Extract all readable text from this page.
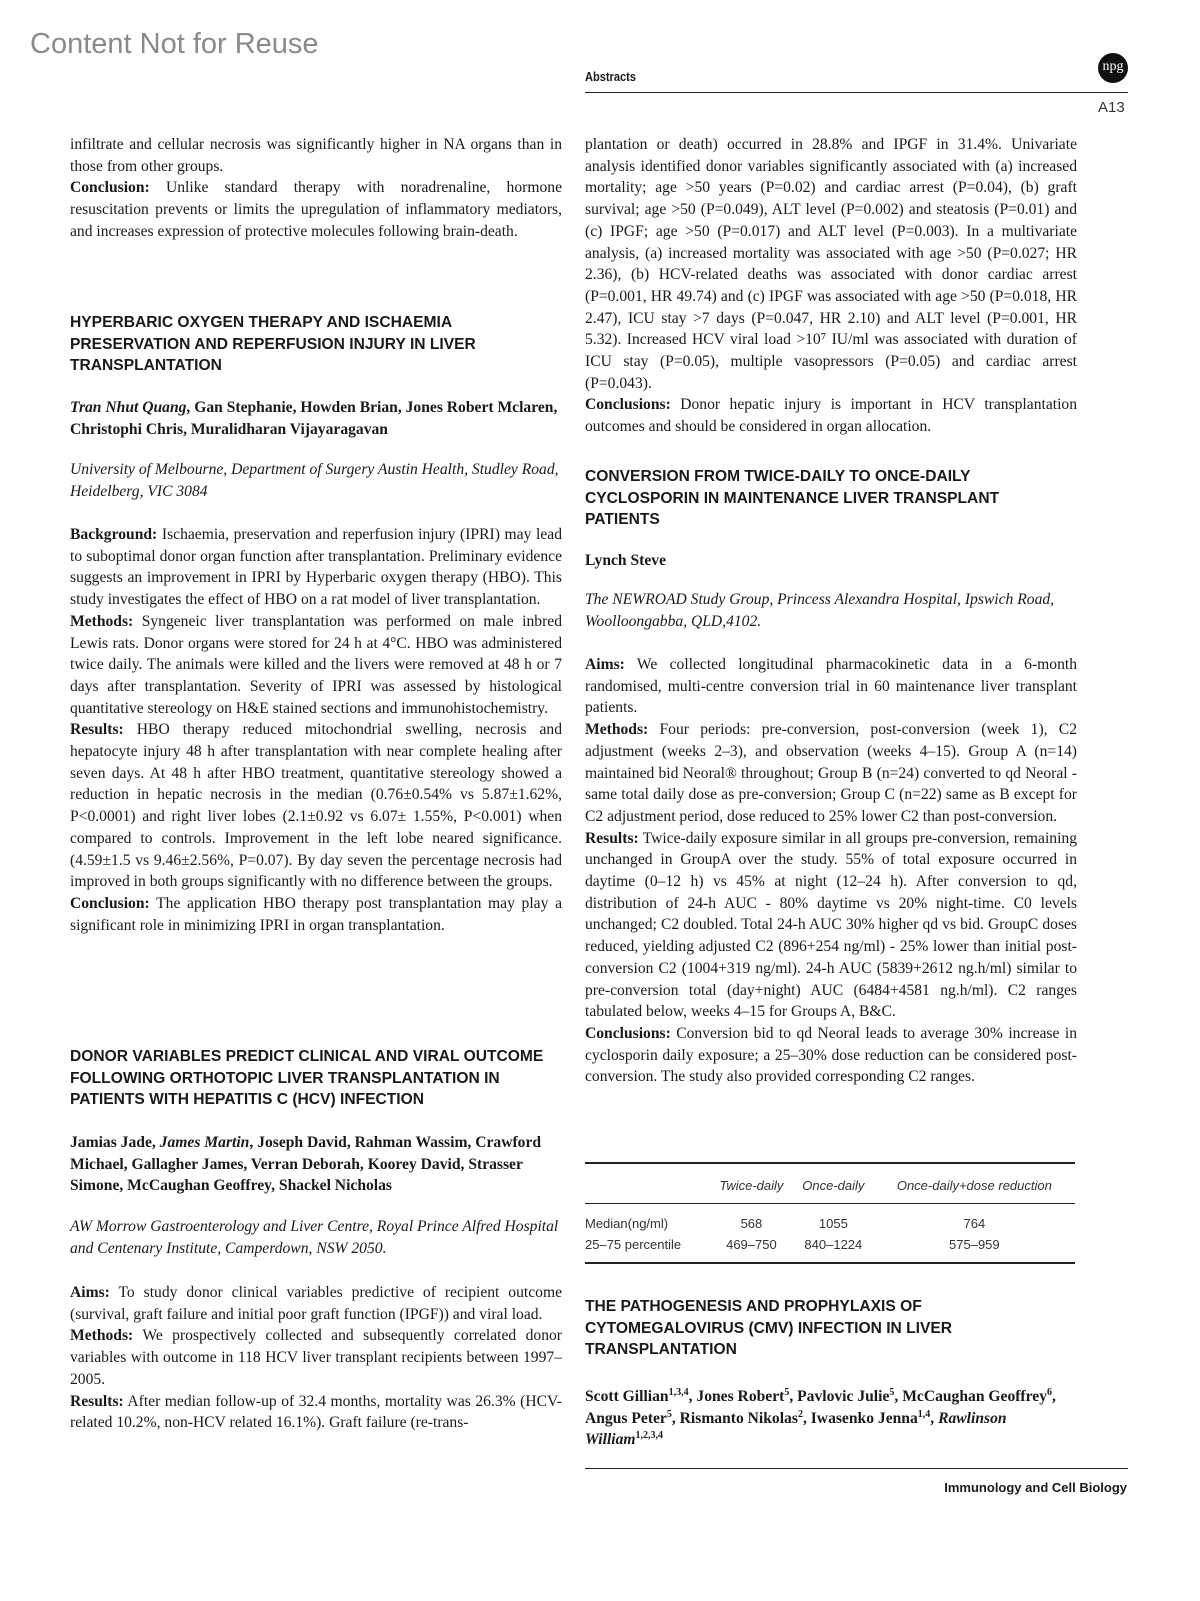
Content Not for Reuse
Abstracts
npg
A13

infiltrate and cellular necrosis was significantly higher in NA organs than in those from other groups.

Conclusion: Unlike standard therapy with noradrenaline, hormone resuscitation prevents or limits the upregulation of inflammatory mediators, and increases expression of protective molecules following brain-death.

HYPERBARIC OXYGEN THERAPY AND ISCHAEMIA PRESERVATION AND REPERFUSION INJURY IN LIVER TRANSPLANTATION
Tran Nhut Quang, Gan Stephanie, Howden Brian, Jones Robert Mclaren, Christophi Chris, Muralidharan Vijayaragavan
University of Melbourne, Department of Surgery Austin Health, Studley Road, Heidelberg, VIC 3084

Background: Ischaemia, preservation and reperfusion injury (IPRI) may lead to suboptimal donor organ function after transplantation. Preliminary evidence suggests an improvement in IPRI by Hyperbaric oxygen therapy (HBO). This study investigates the effect of HBO on a rat model of liver transplantation.

Methods: Syngeneic liver transplantation was performed on male inbred Lewis rats. Donor organs were stored for 24 h at 4°C. HBO was administered twice daily. The animals were killed and the livers were removed at 48 h or 7 days after transplantation. Severity of IPRI was assessed by histological quantitative stereology on H&E stained sections and immunohistochemistry.

Results: HBO therapy reduced mitochondrial swelling, necrosis and hepatocyte injury 48 h after transplantation with near complete healing after seven days. At 48 h after HBO treatment, quantitative stereology showed a reduction in hepatic necrosis in the median (0.76±0.54% vs 5.87±1.62%, P<0.0001) and right liver lobes (2.1±0.92 vs 6.07± 1.55%, P<0.001) when compared to controls. Improvement in the left lobe neared significance. (4.59±1.5 vs 9.46±2.56%, P=0.07). By day seven the percentage necrosis had improved in both groups significantly with no difference between the groups.

Conclusion: The application HBO therapy post transplantation may play a significant role in minimizing IPRI in organ transplantation.

DONOR VARIABLES PREDICT CLINICAL AND VIRAL OUTCOME FOLLOWING ORTHOTOPIC LIVER TRANSPLANTATION IN PATIENTS WITH HEPATITIS C (HCV) INFECTION
Jamias Jade, James Martin, Joseph David, Rahman Wassim, Crawford Michael, Gallagher James, Verran Deborah, Koorey David, Strasser Simone, McCaughan Geoffrey, Shackel Nicholas
AW Morrow Gastroenterology and Liver Centre, Royal Prince Alfred Hospital and Centenary Institute, Camperdown, NSW 2050.

Aims: To study donor clinical variables predictive of recipient outcome (survival, graft failure and initial poor graft function (IPGF)) and viral load.

Methods: We prospectively collected and subsequently correlated donor variables with outcome in 118 HCV liver transplant recipients between 1997–2005.

Results: After median follow-up of 32.4 months, mortality was 26.3% (HCV-related 10.2%, non-HCV related 16.1%). Graft failure (re-trans-

plantation or death) occurred in 28.8% and IPGF in 31.4%. Univariate analysis identified donor variables significantly associated with (a) increased mortality; age >50 years (P=0.02) and cardiac arrest (P=0.04), (b) graft survival; age >50 (P=0.049), ALT level (P=0.002) and steatosis (P=0.01) and (c) IPGF; age >50 (P=0.017) and ALT level (P=0.003). In a multivariate analysis, (a) increased mortality was associated with age >50 (P=0.027; HR 2.36), (b) HCV-related deaths was associated with donor cardiac arrest (P=0.001, HR 49.74) and (c) IPGF was associated with age >50 (P=0.018, HR 2.47), ICU stay >7 days (P=0.047, HR 2.10) and ALT level (P=0.001, HR 5.32). Increased HCV viral load >10⁷ IU/ml was associated with duration of ICU stay (P=0.05), multiple vasopressors (P=0.05) and cardiac arrest (P=0.043).

Conclusions: Donor hepatic injury is important in HCV transplantation outcomes and should be considered in organ allocation.

CONVERSION FROM TWICE-DAILY TO ONCE-DAILY CYCLOSPORIN IN MAINTENANCE LIVER TRANSPLANT PATIENTS
Lynch Steve
The NEWROAD Study Group, Princess Alexandra Hospital, Ipswich Road, Woolloongabba, QLD,4102.

Aims: We collected longitudinal pharmacokinetic data in a 6-month randomised, multi-centre conversion trial in 60 maintenance liver transplant patients.

Methods: Four periods: pre-conversion, post-conversion (week 1), C2 adjustment (weeks 2–3), and observation (weeks 4–15). Group A (n=14) maintained bid Neoral® throughout; Group B (n=24) converted to qd Neoral - same total daily dose as pre-conversion; Group C (n=22) same as B except for C2 adjustment period, dose reduced to 25% lower C2 than post-conversion.

Results: Twice-daily exposure similar in all groups pre-conversion, remaining unchanged in GroupA over the study. 55% of total exposure occurred in daytime (0–12 h) vs 45% at night (12–24 h). After conversion to qd, distribution of 24-h AUC - 80% daytime vs 20% night-time. C0 levels unchanged; C2 doubled. Total 24-h AUC 30% higher qd vs bid. GroupC doses reduced, yielding adjusted C2 (896+254 ng/ml) - 25% lower than initial post-conversion C2 (1004+319 ng/ml). 24-h AUC (5839+2612 ng.h/ml) similar to pre-conversion total (day+night) AUC (6484+4581 ng.h/ml). C2 ranges tabulated below, weeks 4–15 for Groups A, B&C.

Conclusions: Conversion bid to qd Neoral leads to average 30% increase in cyclosporin daily exposure; a 25–30% dose reduction can be considered post-conversion. The study also provided corresponding C2 ranges.

	Twice-daily	Once-daily	Once-daily+dose reduction
Median(ng/ml)	568	1055	764
25–75 percentile	469–750	840–1224	575–959
THE PATHOGENESIS AND PROPHYLAXIS OF CYTOMEGALOVIRUS (CMV) INFECTION IN LIVER TRANSPLANTATION
Scott Gillian$^{1,3,4}$, Jones Robert$^5$, Pavlovic Julie$^5$, McCaughan Geoffrey$^6$, Angus Peter$^5$, Rismanto Nikolas$^2$, Iwasenko Jenna$^{1,4}$, Rawlinson William$^{1,2,3,4}$
Immunology and Cell Biology
